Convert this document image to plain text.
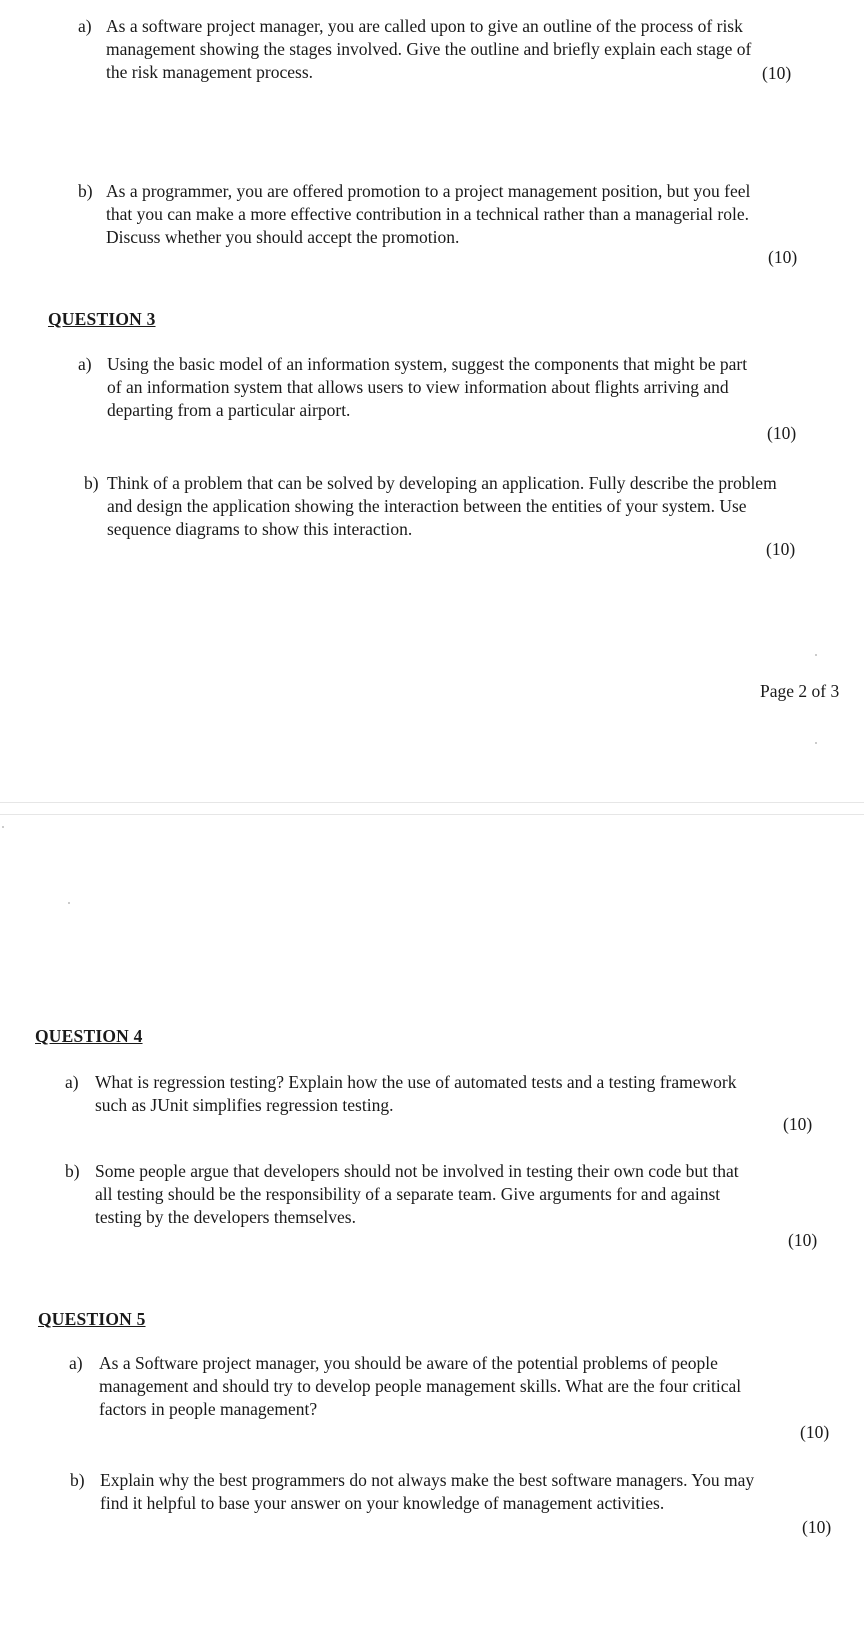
a) As a software project manager, you are called upon to give an outline of the process of risk
management showing the stages involved. Give the outline and briefly explain each stage of
the risk management process.	(10)
b) As a programmer, you are offered promotion to a project management position, but you feel
that you can make a more effective contribution in a technical rather than a managerial role.
Discuss whether you should accept the promotion.
(10)
QUESTION 3
a) Using the basic model of an information system, suggest the components that might be part
of an information system that allows users to view information about flights arriving and
departing from a particular airport.
(10)
b) Think of a problem that can be solved by developing an application. Fully describe the problem
and design the application showing the interaction between the entities of your system. Use
sequence diagrams to show this interaction.
(10)
Page 2 of 3
QUESTION 4
a) What is regression testing? Explain how the use of automated tests and a testing framework
such as JUnit simplifies regression testing.
(10)
b) Some people argue that developers should not be involved in testing their own code but that
all testing should be the responsibility of a separate team. Give arguments for and against
testing by the developers themselves.
(10)
QUESTION 5
a) As a Software project manager, you should be aware of the potential problems of people
management and should try to develop people management skills. What are the four critical
factors in people management?
(10)
b) Explain why the best programmers do not always make the best software managers. You may
find it helpful to base your answer on your knowledge of management activities.
(10)
